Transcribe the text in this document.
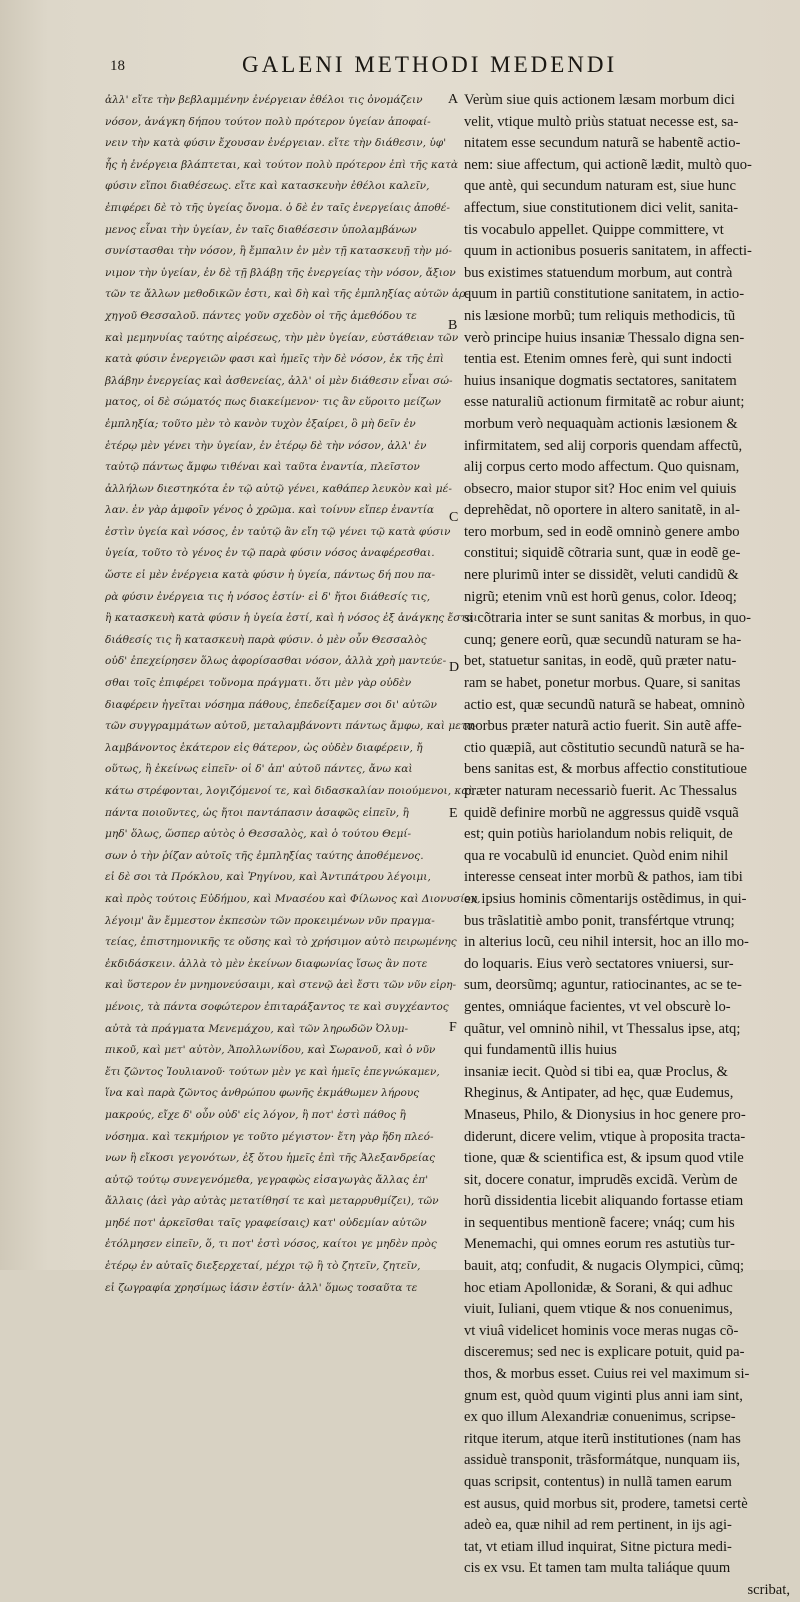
18	GALENI METHODI MEDENDI
ἀλλ' εἴτε τὴν βεβλαμμένην ἐνέργειαν ἐθέλοι τις ὀνομάζειν
νόσον, ἀνάγκη δήπου τούτον πολὺ πρότερον ὑγείαν ἀποφαί-
νειν τὴν κατὰ φύσιν ἔχουσαν ἐνέργειαν. εἴτε τὴν διάθεσιν, ὑφ'
ἧς ἡ ἐνέργεια βλάπτεται, καὶ τούτον πολὺ πρότερον ἐπὶ τῆς κατὰ
φύσιν εἴποι διαθέσεως. εἴτε καὶ κατασκευὴν ἐθέλοι καλεῖν,
ἐπιφέρει δὲ τὸ τῆς ὑγείας ὄνομα. ὁ δὲ ἐν ταῖς ἐνεργείαις ἀποθέ-
μενος εἶναι τὴν ὑγείαν, ἐν ταῖς διαθέσεσιν ὑπολαμβάνων
συνίστασθαι τὴν νόσον, ἢ ἔμπαλιν ἐν μὲν τῇ κατασκευῇ τὴν μό-
νιμον τὴν ὑγείαν, ἐν δὲ τῇ βλάβῃ τῆς ἐνεργείας τὴν νόσον, ἄξιον
τῶν τε ἄλλων μεθοδικῶν ἐστι, καὶ δὴ καὶ τῆς ἐμπληξίας αὐτῶν ἀρ-
χηγοῦ Θεσσαλοῦ. πάντες γοῦν σχεδὸν οἱ τῆς ἀμεθόδου τε
καὶ μεμηνυίας ταύτης αἱρέσεως, τὴν μὲν ὑγείαν, εὐστάθειαν τῶν
κατὰ φύσιν ἐνεργειῶν φασι καὶ ἡμεῖς τὴν δὲ νόσον, ἐκ τῆς ἐπὶ
βλάβην ἐνεργείας καὶ ἀσθενείας, ἀλλ' οἱ μὲν διάθεσιν εἶναι σώ-
ματος, οἱ δὲ σώματός πως διακείμενον· τις ἂν εὕροιτο μείζων
ἐμπληξία; τοῦτο μὲν τὸ κανὸν τυχὸν ἐξαίρει, ὃ μὴ δεῖν ἐν
ἑτέρῳ μὲν γένει τὴν ὑγείαν, ἐν ἑτέρῳ δὲ τὴν νόσον, ἀλλ' ἐν
ταὐτῷ πάντως ἄμφω τιθέναι καὶ ταῦτα ἐναντία, πλεῖστον
ἀλλήλων διεστηκότα ἐν τῷ αὐτῷ γένει, καθάπερ λευκὸν καὶ μέ-
λαν. ἐν γὰρ ἀμφοῖν γένος ὁ χρῶμα. καὶ τοίνυν εἴπερ ἐναντία
ἐστὶν ὑγεία καὶ νόσος, ἐν ταὐτῷ ἂν εἴη τῷ γένει τῷ κατὰ φύσιν
ὑγεία, τοῦτο τὸ γένος ἐν τῷ παρὰ φύσιν νόσος ἀναφέρεσθαι.
ὥστε εἰ μὲν ἐνέργεια κατὰ φύσιν ἡ ὑγεία, πάντως δή που πα-
ρὰ φύσιν ἐνέργεια τις ἡ νόσος ἐστίν· εἰ δ' ἤτοι διάθεσίς τις,
ἢ κατασκευὴ κατὰ φύσιν ἡ ὑγεία ἐστί, καὶ ἡ νόσος ἐξ ἀνάγκης ἔσται
διάθεσίς τις ἢ κατασκευὴ παρὰ φύσιν. ὁ μὲν οὖν Θεσσαλὸς
οὐδ' ἐπεχείρησεν ὅλως ἀφορίσασθαι νόσον, ἀλλὰ χρὴ μαντεύε-
σθαι τοῖς ἐπιφέρει τοὔνομα πράγματι. ὅτι μὲν γὰρ οὐδὲν
διαφέρειν ἡγεῖται νόσημα πάθους, ἐπεδείξαμεν σοι δι' αὐτῶν
τῶν συγγραμμάτων αὐτοῦ, μεταλαμβάνοντι πάντως ἄμφω, καὶ μετα-
λαμβάνοντος ἑκάτερον εἰς θάτερον, ὡς οὐδὲν διαφέρειν, ἤ
οὕτως, ἢ ἐκείνως εἰπεῖν· οἱ δ' ἀπ' αὐτοῦ πάντες, ἄνω καὶ
κάτω στρέφονται, λογιζόμενοί τε, καὶ διδασκαλίαν ποιούμενοι, καὶ
πάντα ποιοῦντες, ὡς ἤτοι παντάπασιν ἀσαφῶς εἰπεῖν, ἢ
μηδ' ὅλως, ὥσπερ αὐτὸς ὁ Θεσσαλὸς, καὶ ὁ τούτου Θεμί-
σων ὁ τὴν ῥίζαν αὐτοῖς τῆς ἐμπληξίας ταύτης ἀποθέμενος.
εἰ δὲ σοι τὰ Πρόκλου, καὶ Ῥηγίνου, καὶ Ἀντιπάτρου λέγοιμι,
καὶ πρὸς τούτοις Εὐδήμου, καὶ Μνασέου καὶ Φίλωνος καὶ Διονυσίου,
λέγοιμ' ἂν ἔμμεστον ἐκπεσὼν τῶν προκειμένων νῦν πραγμα-
τείας, ἐπιστημονικῆς τε οὔσης καὶ τὸ χρήσιμον αὐτὸ πειρωμένης
ἐκδιδάσκειν. ἀλλὰ τὸ μὲν ἐκείνων διαφωνίας ἴσως ἂν ποτε
καὶ ὕστερον ἐν μνημονεύσαιμι, καὶ στενῷ ἀεὶ ἔστι τῶν νῦν εἰρη-
μένοις, τὰ πάντα σοφώτερον ἐπιταράξαντος τε καὶ συγχέαντος
αὐτὰ τὰ πράγματα Μενεμάχου, καὶ τῶν ληρωδῶν Ὀλυμ-
πικοῦ, καὶ μετ' αὐτὸν, Ἀπολλωνίδου, καὶ Σωρανοῦ, καὶ ὁ νῦν
ἔτι ζῶντος Ἰουλιανοῦ· τούτων μὲν γε καὶ ἡμεῖς ἐπεγνώκαμεν,
ἵνα καὶ παρὰ ζῶντος ἀνθρώπου φωνῆς ἐκμάθωμεν λήρους
μακρούς, εἴχε δ' οὖν οὐδ' εἰς λόγον, ἢ ποτ' ἐστὶ πάθος ἢ
νόσημα. καὶ τεκμήριον γε τοῦτο μέγιστον· ἔτη γὰρ ἤδη πλεό-
νων ἢ εἴκοσι γεγονότων, ἐξ ὅτου ἡμεῖς ἐπὶ τῆς Ἀλεξανδρείας
αὐτῷ τούτῳ συνεγενόμεθα, γεγραφὼς εἰσαγωγὰς ἄλλας ἐπ'
ἄλλαις (ἀεὶ γὰρ αὐτὰς μετατίθησί τε καὶ μεταρρυθμίζει), τῶν
μηδέ ποτ' ἀρκεῖσθαι ταῖς γραφείσαις) κατ' οὐδεμίαν αὐτῶν
ἐτόλμησεν εἰπεῖν, ὅ, τι ποτ' ἐστὶ νόσος, καίτοι γε μηδὲν πρὸς
ἑτέρῳ ἐν αὐταῖς διεξερχεταί, μέχρι τῷ ἢ τὸ ζητεῖν, ζητεῖν,
εἰ ζωγραφία χρησίμως ἰάσιν ἐστίν· ἀλλ' ὅμως τοσαῦτα τε
A
B
C
D
E
F
Verùm siue quis actionem læsam morbum dici
velit, vtique multò priùs statuat necesse est, sa-
nitatem esse secundum naturã se habentẽ actio-
nem: siue affectum, qui actionẽ lædit, multò quo-
que antè, qui secundum naturam est, siue hunc
affectum, siue constitutionem dici velit, sanita-
tis vocabulo appellet. Quippe committere, vt
quum in actionibus posueris sanitatem, in affecti-
bus existimes statuendum morbum, aut contrà
quum in partiũ constitutione sanitatem, in actio-
nis læsione morbũ; tum reliquis methodicis, tũ
verò principe huius insaniæ Thessalo digna sen-
tentia est. Etenim omnes ferè, qui sunt indocti
huius insanique dogmatis sectatores, sanitatem
esse naturaliũ actionum firmitatẽ ac robur aiunt;
morbum verò nequaquàm actionis læsionem &
infirmitatem, sed alij corporis quendam affectũ,
alij corpus certo modo affectum. Quo quisnam,
obsecro, maior stupor sit? Hoc enim vel quiuis
deprehẽdat, nõ oportere in altero sanitatẽ, in al-
tero morbum, sed in eodẽ omninò genere ambo
constitui; siquidẽ cõtraria sunt, quæ in eodẽ ge-
nere plurimũ inter se dissidẽt, veluti candidũ &
nigrũ; etenim vnũ est horũ genus, color. Ideoq;
si cõtraria inter se sunt sanitas & morbus, in quo-
cunq; genere eorũ, quæ secundũ naturam se ha-
bet, statuetur sanitas, in eodẽ, quũ præter natu-
ram se habet, ponetur morbus. Quare, si sanitas
actio est, quæ secundũ naturã se habeat, omninò
morbus præter naturã actio fuerit. Sin autẽ affe-
ctio quæpiã, aut cõstitutio secundũ naturã se ha-
bens sanitas est, & morbus affectio constitutioue
præter naturam necessariò fuerit. Ac Thessalus
quidẽ definire morbũ ne aggressus quidẽ vsquã
est; quin potiùs hariolandum nobis reliquit, de
qua re vocabulũ id enunciet. Quòd enim nihil
interesse censeat inter morbũ & pathos, iam tibi
ex ipsius hominis cõmentarijs ostẽdimus, in qui-
bus trãslatitiè ambo ponit, transfértque vtrunq;
in alterius locũ, ceu nihil intersit, hoc an illo mo-
do loquaris. Eius verò sectatores vniuersi, sur-
sum, deorsũmq; aguntur, ratiocinantes, ac se te-
gentes, omniáque facientes, vt vel obscurè lo-
quãtur, vel omninò nihil, vt Thessalus ipse, atq;
qui fundamentũ illis huius
insaniæ iecit. Quòd si tibi ea, quæ Proclus, &
Rheginus, & Antipater, ad hęc, quæ Eudemus,
Mnaseus, Philo, & Dionysius in hoc genere pro-
diderunt, dicere velim, vtique à proposita tracta-
tione, quæ & scientifica est, & ipsum quod vtile
sit, docere conatur, imprudẽs excidã. Verùm de
horũ dissidentia licebit aliquando fortasse etiam
in sequentibus mentionẽ facere; vnáq; cum his
Menemachi, qui omnes eorum res astutiùs tur-
bauit, atq; confudit, & nugacis Olympici, cũmq;
hoc etiam Apollonidæ, & Sorani, & qui adhuc
viuit, Iuliani, quem vtique & nos conuenimus,
vt viuâ videlicet hominis voce meras nugas cõ-
disceremus; sed nec is explicare potuit, quid pa-
thos, & morbus esset. Cuius rei vel maximum si-
gnum est, quòd quum viginti plus anni iam sint,
ex quo illum Alexandriæ conuenimus, scripse-
ritque iterum, atque iterũ institutiones (nam has
assiduè transponit, trãsformátque, nunquam iis,
quas scripsit, contentus) in nullã tamen earum
est ausus, quid morbus sit, prodere, tametsi certè
adeò ea, quæ nihil ad rem pertinent, in ijs agi-
tat, vt etiam illud inquirat, Sitne pictura medi-
cis ex vsu. Et tamen tam multa taliáque quum
scribat,
